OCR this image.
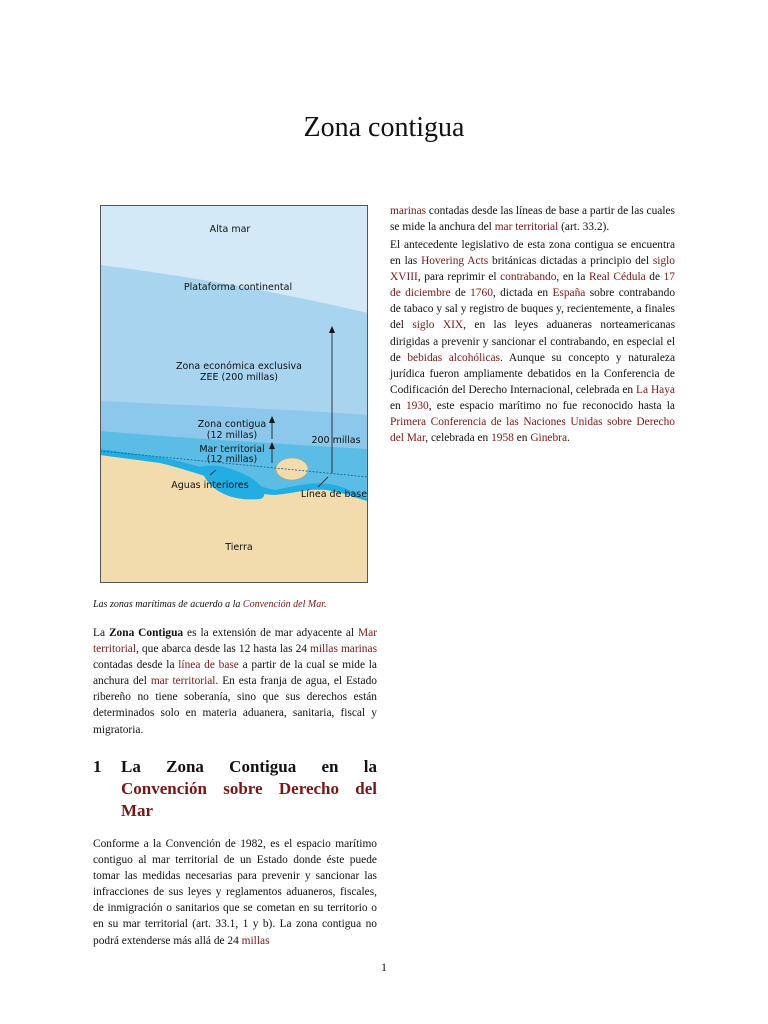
Zona contigua
Alta mar
Plataforma continental
Zona económica exclusiva
ZEE (200 millas)
Zona contigua
(12 millas)
Mar territorial
(12 millas)
200 millas
Aguas interiores
Línea de base
Tierra
Las zonas marítimas de acuerdo a la Convención del Mar.

La Zona Contigua es la extensión de mar adyacente al Mar territorial, que abarca desde las 12 hasta las 24 millas marinas contadas desde la línea de base a partir de la cual se mide la anchura del mar territorial. En esta franja de agua, el Estado ribereño no tiene soberanía, sino que sus derechos están determinados solo en materia aduanera, sanitaria, fiscal y migratoria.

1 La Zona Contigua en la Convención sobre Derecho del Mar

Conforme a la Convención de 1982, es el espacio marítimo contiguo al mar territorial de un Estado donde éste puede tomar las medidas necesarias para prevenir y sancionar las infracciones de sus leyes y reglamentos aduaneros, fiscales, de inmigración o sanitarios que se cometan en su territorio o en su mar territorial (art. 33.1, 1 y b). La zona contigua no podrá extenderse más allá de 24 millas

marinas contadas desde las líneas de base a partir de las cuales se mide la anchura del mar territorial (art. 33.2).

El antecedente legislativo de esta zona contigua se encuentra en las Hovering Acts británicas dictadas a principio del siglo XVIII, para reprimir el contrabando, en la Real Cédula de 17 de diciembre de 1760, dictada en España sobre contrabando de tabaco y sal y registro de buques y, recientemente, a finales del siglo XIX, en las leyes aduaneras norteamericanas dirigidas a prevenir y sancionar el contrabando, en especial el de bebidas alcohólicas. Aunque su concepto y naturaleza jurídica fueron ampliamente debatidos en la Conferencia de Codificación del Derecho Internacional, celebrada en La Haya en 1930, este espacio marítimo no fue reconocido hasta la Primera Conferencia de las Naciones Unidas sobre Derecho del Mar, celebrada en 1958 en Ginebra.

1
